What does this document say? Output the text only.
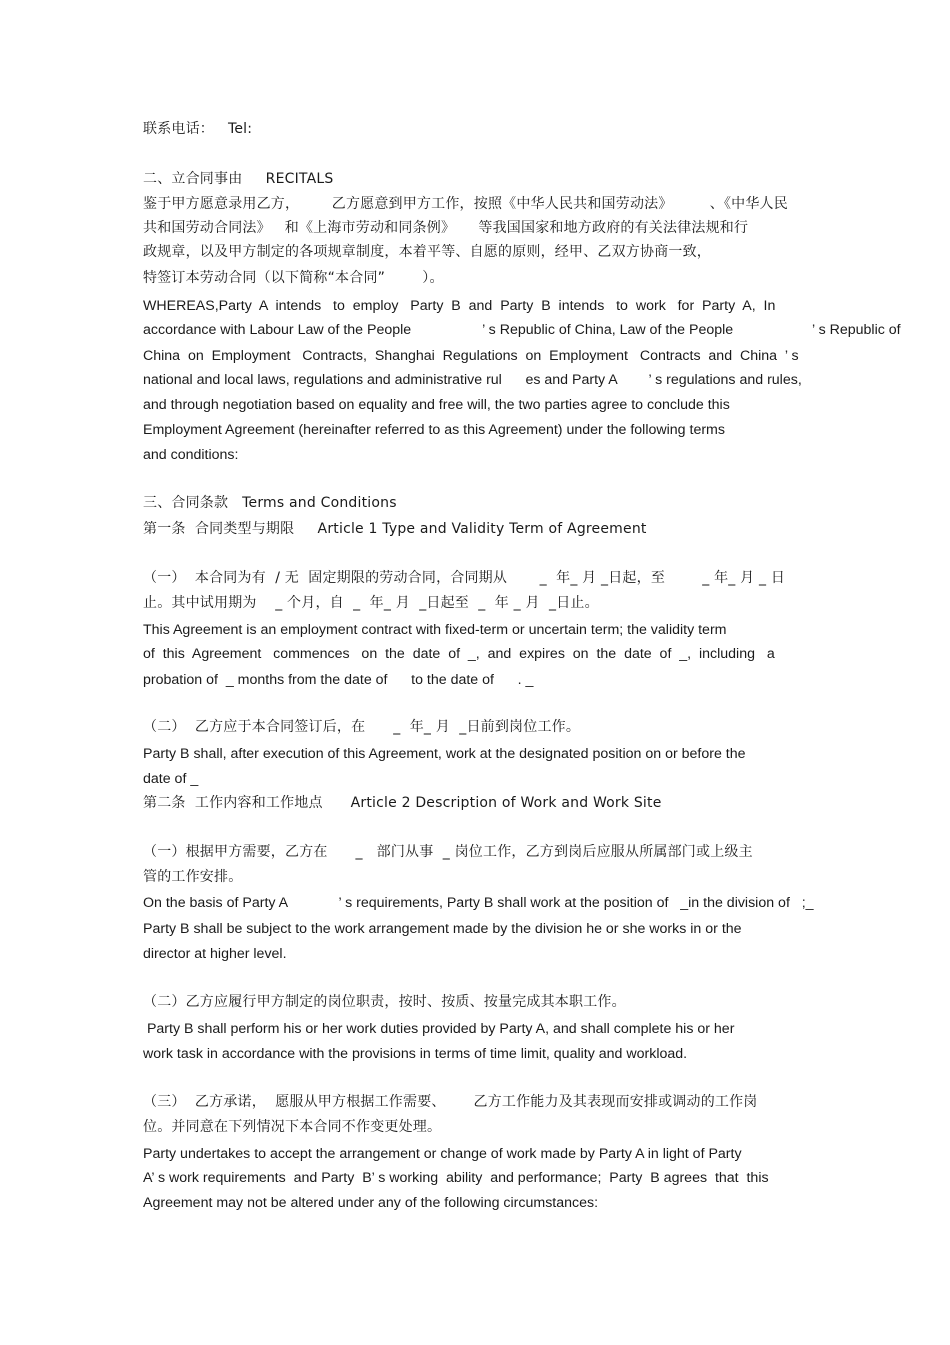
联系电话：   Tel:
二、立合同事由     RECITALS
鉴于甲方愿意录用乙方，       乙方愿意到甲方工作，按照《中华人民共和国劳动法》        、《中华人民
共和国劳动合同法》   和《上海市劳动和同条例》     等我国国家和地方政府的有关法律法规和行
政规章，以及甲方制定的各项规章制度，本着平等、自愿的原则，经甲、乙双方协商一致，
特签订本劳动合同（以下简称“本合同”        ）。
WHEREAS,Party  A  intends   to  employ   Party  B  and  Party  B  intends   to  work   for  Party  A,  In
accordance with Labour Law of the People                  ’ s Republic of China, Law of the People                    ’ s Republic of
China  on  Employment   Contracts,  Shanghai  Regulations  on  Employment   Contracts  and  China  ’ s
national and local laws, regulations and administrative rul      es and Party A        ’ s regulations and rules,
and through negotiation based on equality and free will, the two parties agree to conclude this
Employment Agreement (hereinafter referred to as this Agreement) under the following terms
and conditions:
三、合同条款   Terms and Conditions
第一条  合同类型与期限     Article 1 Type and Validity Term of Agreement
（一）  本合同为有  / 无  固定期限的劳动合同，合同期从       _  年_ 月 _日起，至        _ 年_ 月 _ 日
止。其中试用期为    _ 个月，自  _  年_ 月  _日起至  _  年 _ 月  _日止。
This Agreement is an employment contract with fixed-term or uncertain term; the validity term
of  this  Agreement   commences   on  the  date  of  _,  and  expires  on  the  date  of  _,  including   a
probation of  _ months from the date of      to the date of      . _
（二）  乙方应于本合同签订后，在      _  年_ 月  _日前到岗位工作。
Party B shall, after execution of this Agreement, work at the designated position on or before the
date of _
第二条  工作内容和工作地点      Article 2 Description of Work and Work Site
（一）根据甲方需要，乙方在      _   部门从事  _ 岗位工作，乙方到岗后应服从所属部门或上级主
管的工作安排。
On the basis of Party A             ’ s requirements, Party B shall work at the position of   _in the division of   ;_
Party B shall be subject to the work arrangement made by the division he or she works in or the
director at higher level.
（二）乙方应履行甲方制定的岗位职责，按时、按质、按量完成其本职工作。
Party B shall perform his or her work duties provided by Party A, and shall complete his or her
work task in accordance with the provisions in terms of time limit, quality and workload.
（三）  乙方承诺，  愿服从甲方根据工作需要、      乙方工作能力及其表现而安排或调动的工作岗
位。并同意在下列情况下本合同不作变更处理。
Party undertakes to accept the arrangement or change of work made by Party A in light of Party
A’ s work requirements  and Party  B’ s working  ability  and performance;  Party  B agrees  that  this
Agreement may not be altered under any of the following circumstances:
